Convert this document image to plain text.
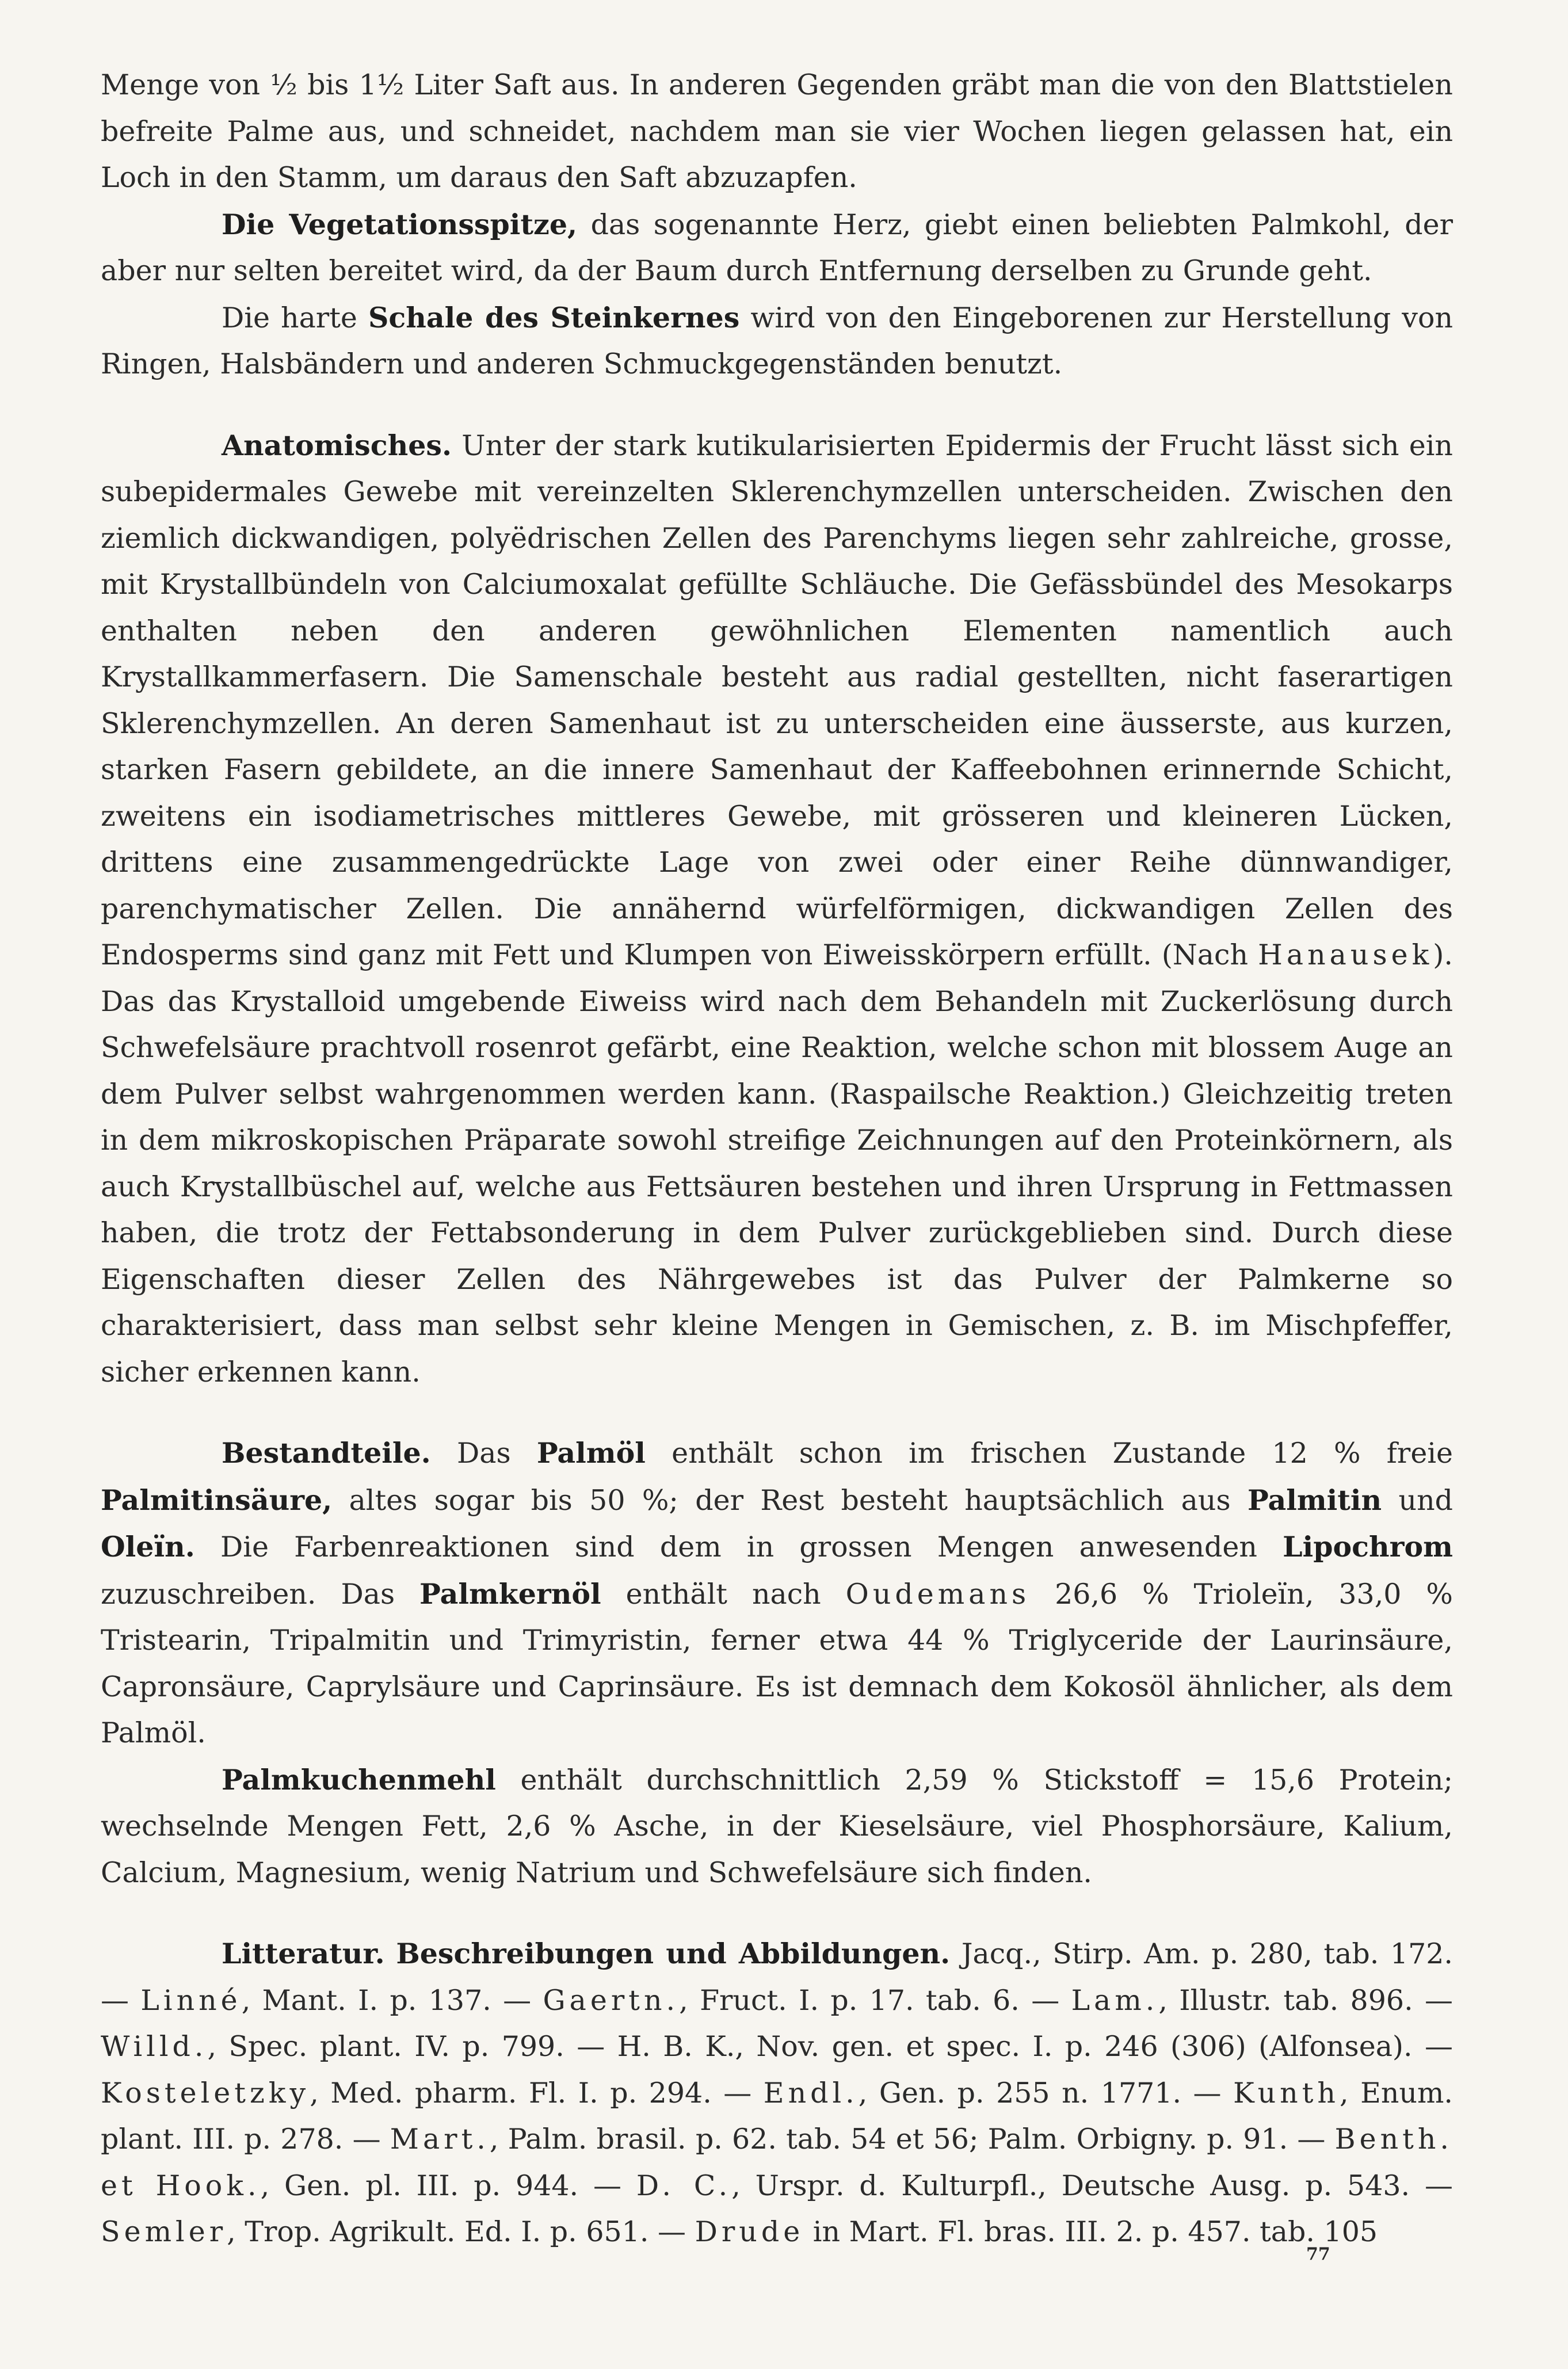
Menge von ½ bis 1½ Liter Saft aus. In anderen Gegenden gräbt man die von den Blattstielen befreite Palme aus, und schneidet, nachdem man sie vier Wochen liegen gelassen hat, ein Loch in den Stamm, um daraus den Saft abzuzapfen.

Die Vegetationsspitze, das sogenannte Herz, giebt einen beliebten Palmkohl, der aber nur selten bereitet wird, da der Baum durch Entfernung derselben zu Grunde geht.

Die harte Schale des Steinkernes wird von den Eingeborenen zur Herstellung von Ringen, Halsbändern und anderen Schmuckgegenständen benutzt.

Anatomisches. Unter der stark kutikularisierten Epidermis der Frucht lässt sich ein subepidermales Gewebe mit vereinzelten Sklerenchymzellen unterscheiden. Zwischen den ziemlich dickwandigen, polyëdrischen Zellen des Parenchyms liegen sehr zahlreiche, grosse, mit Krystallbündeln von Calciumoxalat gefüllte Schläuche. Die Gefässbündel des Mesokarps enthalten neben den anderen gewöhnlichen Elementen namentlich auch Krystallkammerfasern. Die Samenschale besteht aus radial gestellten, nicht faserartigen Sklerenchymzellen. An deren Samenhaut ist zu unterscheiden eine äusserste, aus kurzen, starken Fasern gebildete, an die innere Samenhaut der Kaffeebohnen erinnernde Schicht, zweitens ein isodiametrisches mittleres Gewebe, mit grösseren und kleineren Lücken, drittens eine zusammengedrückte Lage von zwei oder einer Reihe dünnwandiger, parenchymatischer Zellen. Die annähernd würfelförmigen, dickwandigen Zellen des Endosperms sind ganz mit Fett und Klumpen von Eiweisskörpern erfüllt. (Nach Hanausek). Das das Krystalloid umgebende Eiweiss wird nach dem Behandeln mit Zuckerlösung durch Schwefelsäure prachtvoll rosenrot gefärbt, eine Reaktion, welche schon mit blossem Auge an dem Pulver selbst wahrgenommen werden kann. (Raspailsche Reaktion.) Gleichzeitig treten in dem mikroskopischen Präparate sowohl streifige Zeichnungen auf den Proteinkörnern, als auch Krystallbüschel auf, welche aus Fettsäuren bestehen und ihren Ursprung in Fettmassen haben, die trotz der Fettabsonderung in dem Pulver zurückgeblieben sind. Durch diese Eigenschaften dieser Zellen des Nährgewebes ist das Pulver der Palmkerne so charakterisiert, dass man selbst sehr kleine Mengen in Gemischen, z. B. im Mischpfeffer, sicher erkennen kann.

Bestandteile. Das Palmöl enthält schon im frischen Zustande 12 % freie Palmitinsäure, altes sogar bis 50 %; der Rest besteht hauptsächlich aus Palmitin und Oleïn. Die Farbenreaktionen sind dem in grossen Mengen anwesenden Lipochrom zuzuschreiben. Das Palmkernöl enthält nach Oudemans 26,6 % Trioleïn, 33,0 % Tristearin, Tripalmitin und Trimyristin, ferner etwa 44 % Triglyceride der Laurinsäure, Capronsäure, Caprylsäure und Caprinsäure. Es ist demnach dem Kokosöl ähnlicher, als dem Palmöl.

Palmkuchenmehl enthält durchschnittlich 2,59 % Stickstoff = 15,6 Protein; wechselnde Mengen Fett, 2,6 % Asche, in der Kieselsäure, viel Phosphorsäure, Kalium, Calcium, Magnesium, wenig Natrium und Schwefelsäure sich finden.

Litteratur. Beschreibungen und Abbildungen. Jacq., Stirp. Am. p. 280, tab. 172. — Linné, Mant. I. p. 137. — Gaertn., Fruct. I. p. 17. tab. 6. — Lam., Illustr. tab. 896. — Willd., Spec. plant. IV. p. 799. — H. B. K., Nov. gen. et spec. I. p. 246 (306) (Alfonsea). — Kosteletzky, Med. pharm. Fl. I. p. 294. — Endl., Gen. p. 255 n. 1771. — Kunth, Enum. plant. III. p. 278. — Mart., Palm. brasil. p. 62. tab. 54 et 56; Palm. Orbigny. p. 91. — Benth. et Hook., Gen. pl. III. p. 944. — D. C., Urspr. d. Kulturpfl., Deutsche Ausg. p. 543. — Semler, Trop. Agrikult. Ed. I. p. 651. — Drude in Mart. Fl. bras. III. 2. p. 457. tab. 105

77
